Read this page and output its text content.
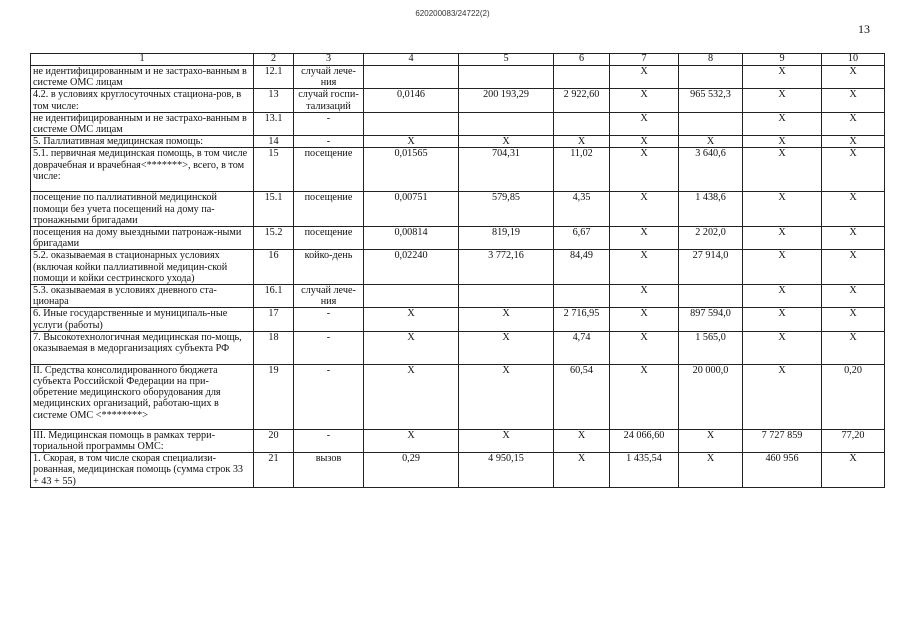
620200083/24722(2)
13
1	2	3	4	5	6	7	8	9	10
не идентифицированным и не застрахо-ванным в системе ОМС лицам	12.1	случай лече-ния				X		X	X
4.2. в условиях круглосуточных стациона-ров, в том числе:	13	случай госпи-тализаций	0,0146	200 193,29	2 922,60	X	965 532,3	X	X
не идентифицированным и не застрахо-ванным в системе ОМС лицам	13.1	-				X		X	X
5. Паллиативная медицинская помощь:	14	-	X	X	X	X	X	X	X
5.1. первичная медицинская помощь, в том числе доврачебная и врачебная<*******>, всего, в том числе:	15	посещение	0,01565	704,31	11,02	X	3 640,6	X	X
посещение по паллиативной медицинской помощи без учета посещений на дому па-тронажными бригадами	15.1	посещение	0,00751	579,85	4,35	X	1 438,6	X	X
посещения на дому выездными патронаж-ными бригадами	15.2	посещение	0,00814	819,19	6,67	X	2 202,0	X	X
5.2. оказываемая в стационарных условиях (включая койки паллиативной медицин-ской помощи и койки сестринского ухода)	16	койко-день	0,02240	3 772,16	84,49	X	27 914,0	X	X
5.3. оказываемая в условиях дневного ста-ционара	16.1	случай лече-ния				X		X	X
6. Иные государственные и муниципаль-ные услуги (работы)	17	-	X	X	2 716,95	X	897 594,0	X	X
7. Высокотехнологичная медицинская по-мощь, оказываемая в медорганизациях субъекта РФ	18	-	X	X	4,74	X	1 565,0	X	X
II. Средства консолидированного бюджета субъекта Российской Федерации на при-обретение медицинского оборудования для медицинских организаций, работаю-щих в системе ОМС <********>	19	-	X	X	60,54	X	20 000,0	X	0,20
III. Медицинская помощь в рамках терри-ториальной программы ОМС:	20	-	X	X	X	24 066,60	X	7 727 859	77,20
1. Скорая, в том числе скорая специализи-рованная, медицинская помощь (сумма строк 33 + 43 + 55)	21	вызов	0,29	4 950,15	X	1 435,54	X	460 956	X
